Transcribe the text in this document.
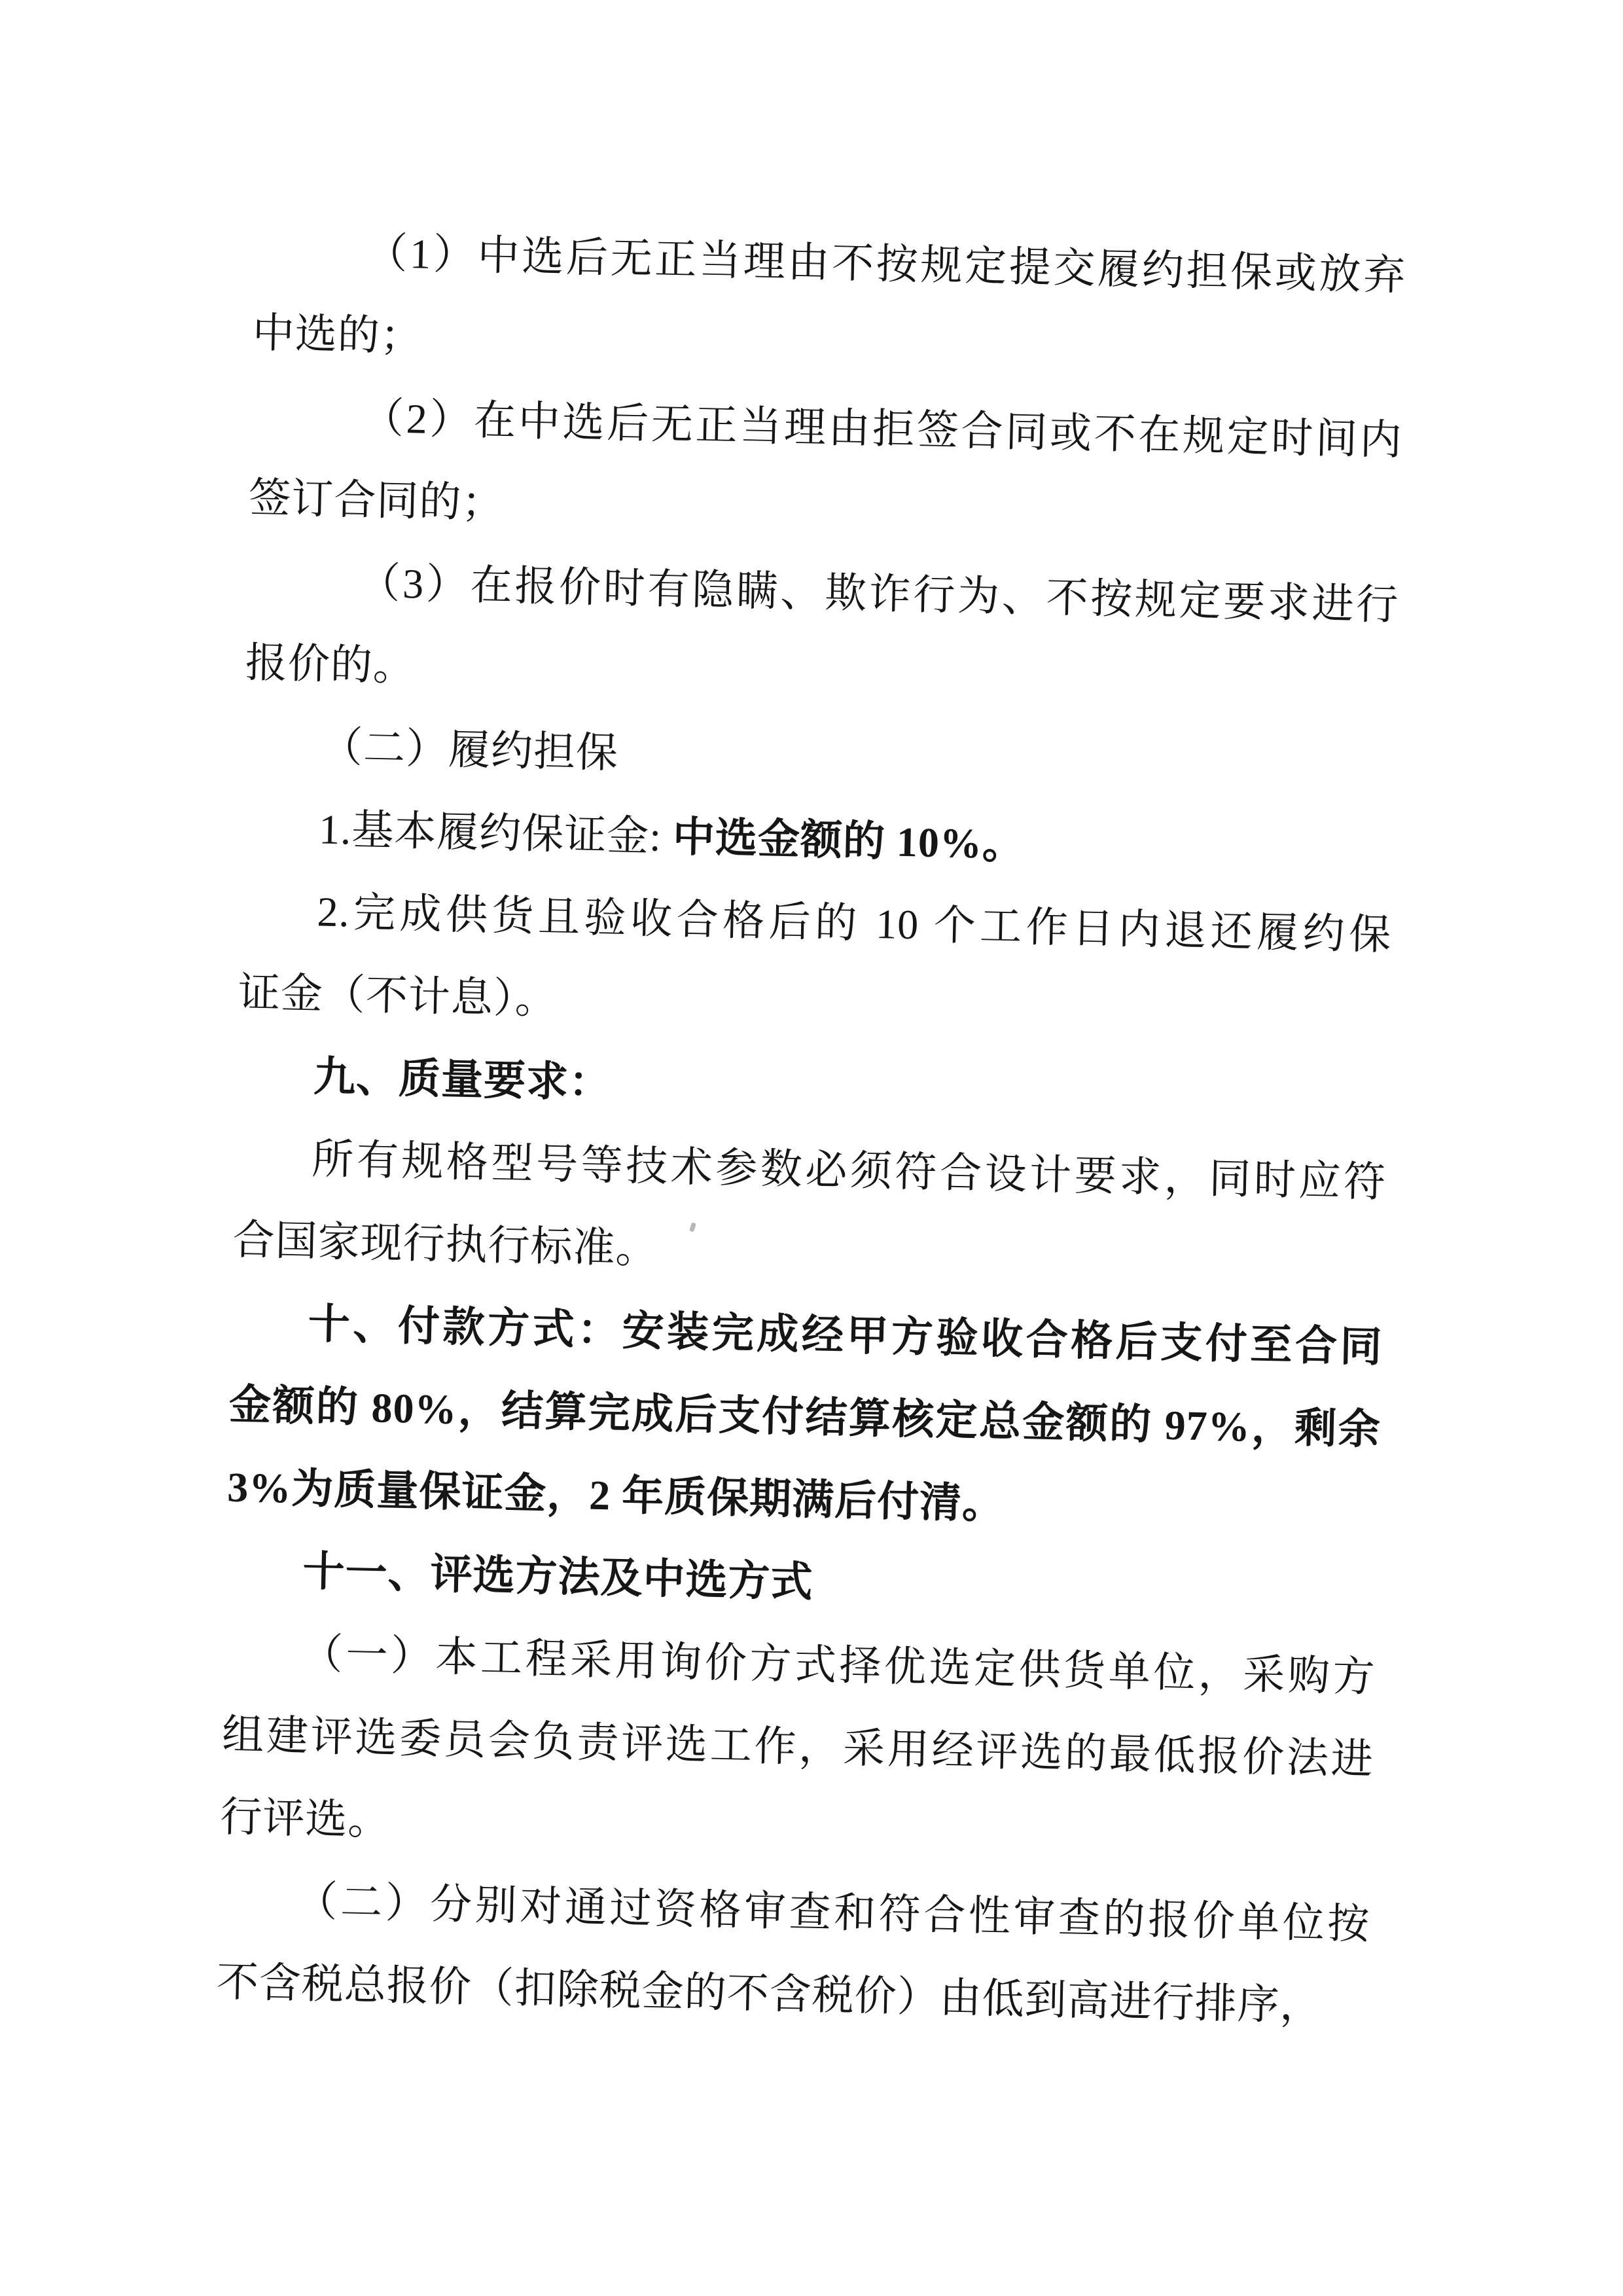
（1）中选后无正当理由不按规定提交履约担保或放弃
中选的；
（2）在中选后无正当理由拒签合同或不在规定时间内
签订合同的；
（3）在报价时有隐瞒、欺诈行为、不按规定要求进行
报价的。
（二）履约担保
1.基本履约保证金: 中选金额的 10%。
2.完成供货且验收合格后的 10 个工作日内退还履约保
证金（不计息）。
九、质量要求：
所有规格型号等技术参数必须符合设计要求，同时应符
合国家现行执行标准。
十、付款方式：安装完成经甲方验收合格后支付至合同
金额的 80%，结算完成后支付结算核定总金额的 97%，剩余
3%为质量保证金，2 年质保期满后付清。
十一、评选方法及中选方式
（一）本工程采用询价方式择优选定供货单位，采购方
组建评选委员会负责评选工作，采用经评选的最低报价法进
行评选。
（二）分别对通过资格审查和符合性审查的报价单位按
不含税总报价（扣除税金的不含税价）由低到高进行排序，
